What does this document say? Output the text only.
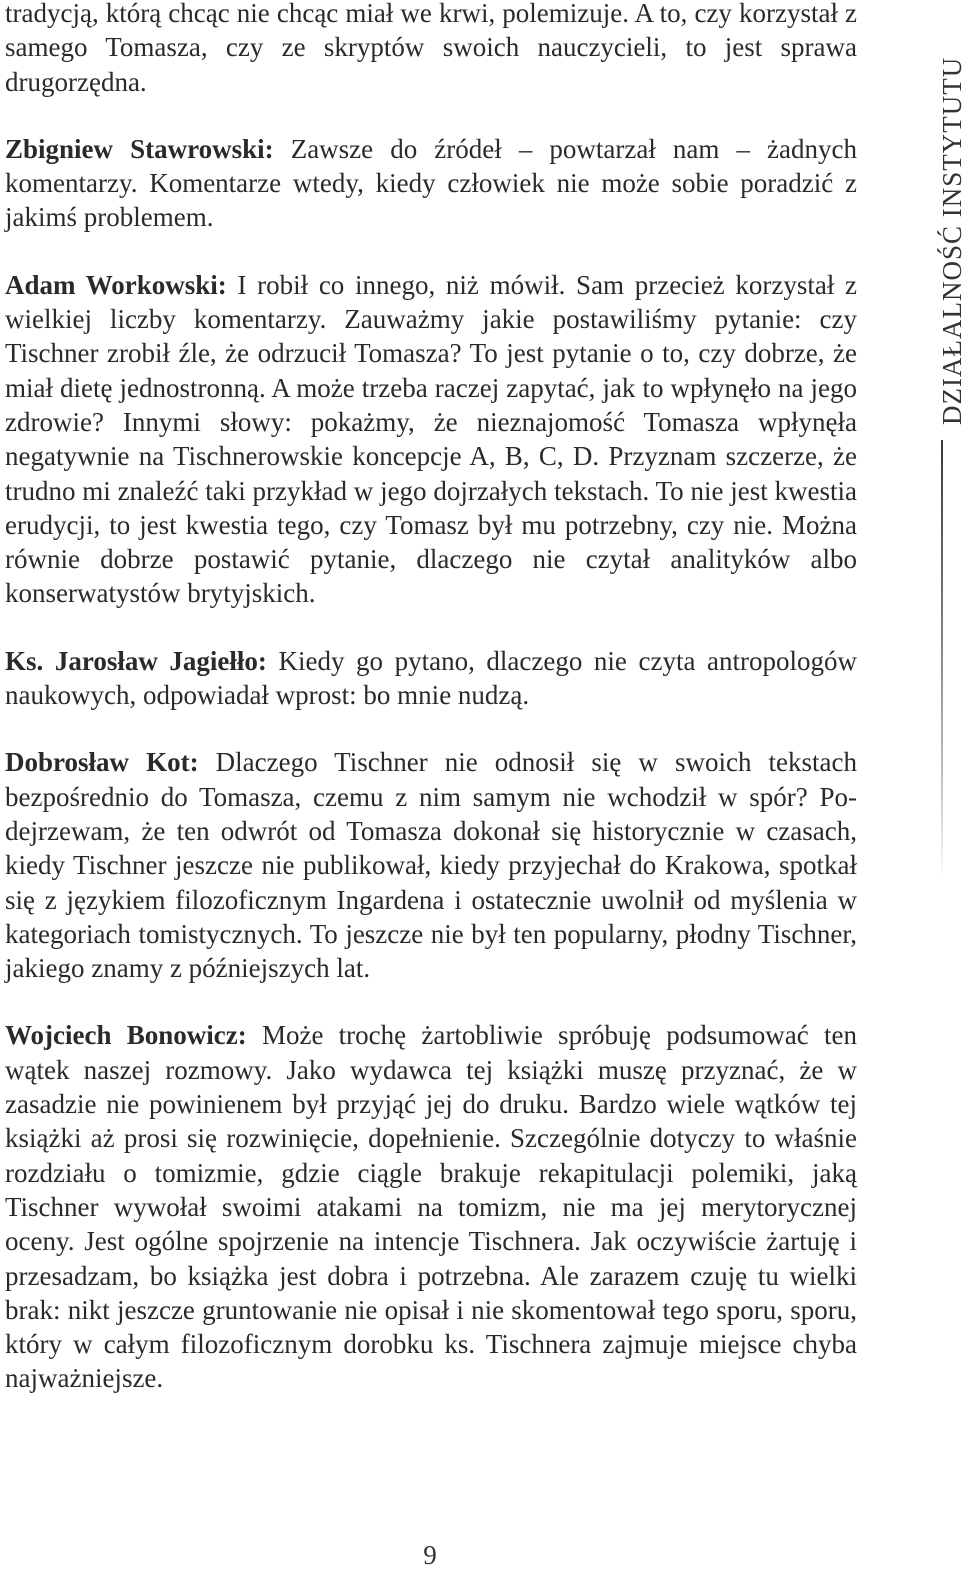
tradycją, którą chcąc nie chcąc miał we krwi, polemizuje. A to, czy korzystał z samego Tomasza, czy ze skryptów swoich nauczycieli, to jest sprawa drugorzędna.

Zbigniew Stawrowski: Zawsze do źródeł – powtarzał nam – żadnych komentarzy. Komentarze wtedy, kiedy człowiek nie może sobie poradzić z jakimś problemem.

Adam Workowski: I robił co innego, niż mówił. Sam przecież korzystał z wielkiej liczby komentarzy. Zauważmy jakie postawiliśmy pytanie: czy Tischner zrobił źle, że odrzucił Tomasza? To jest pytanie o to, czy dobrze, że miał dietę jednostronną. A może trzeba raczej zapytać, jak to wpłynęło na jego zdrowie? Innymi słowy: pokażmy, że nieznajomość Tomasza wpłynęła negatywnie na Tischnerowskie koncepcje A, B, C, D. Przyznam szczerze, że trudno mi znaleźć taki przykład w jego dojrzałych tekstach. To nie jest kwestia erudycji, to jest kwestia tego, czy Tomasz był mu potrzebny, czy nie. Można równie dobrze postawić pytanie, dlaczego nie czytał analityków albo konserwatystów brytyjskich.

Ks. Jarosław Jagiełło: Kiedy go pytano, dlaczego nie czyta antropologów naukowych, odpowiadał wprost: bo mnie nudzą.

Dobrosław Kot: Dlaczego Tischner nie odnosił się w swoich tekstach bezpośrednio do Tomasza, czemu z nim samym nie wchodził w spór? Podejrzewam, że ten odwrót od Tomasza dokonał się historycznie w czasach, kiedy Tischner jeszcze nie publikował, kiedy przyjechał do Krakowa, spotkał się z językiem filozoficznym Ingardena i ostatecznie uwolnił od myślenia w kategoriach tomistycznych. To jeszcze nie był ten popularny, płodny Tischner, jakiego znamy z późniejszych lat.

Wojciech Bonowicz: Może trochę żartobliwie spróbuję podsumować ten wątek naszej rozmowy. Jako wydawca tej książki muszę przyznać, że w zasadzie nie powinienem był przyjąć jej do druku. Bardzo wiele wątków tej książki aż prosi się rozwinięcie, dopełnienie. Szczególnie dotyczy to właśnie rozdziału o tomizmie, gdzie ciągle brakuje rekapitulacji polemiki, jaką Tischner wywołał swoimi atakami na tomizm, nie ma jej merytorycznej oceny. Jest ogólne spojrzenie na intencje Tischnera. Jak oczywiście żartuję i przesadzam, bo książka jest dobra i potrzebna. Ale zarazem czuję tu wielki brak: nikt jeszcze gruntowanie nie opisał i nie skomentował tego sporu, sporu, który w całym filozoficznym dorobku ks. Tischnera zajmuje miejsce chyba najważniejsze.

DZIAŁALNOŚĆ INSTYTUTU
9
